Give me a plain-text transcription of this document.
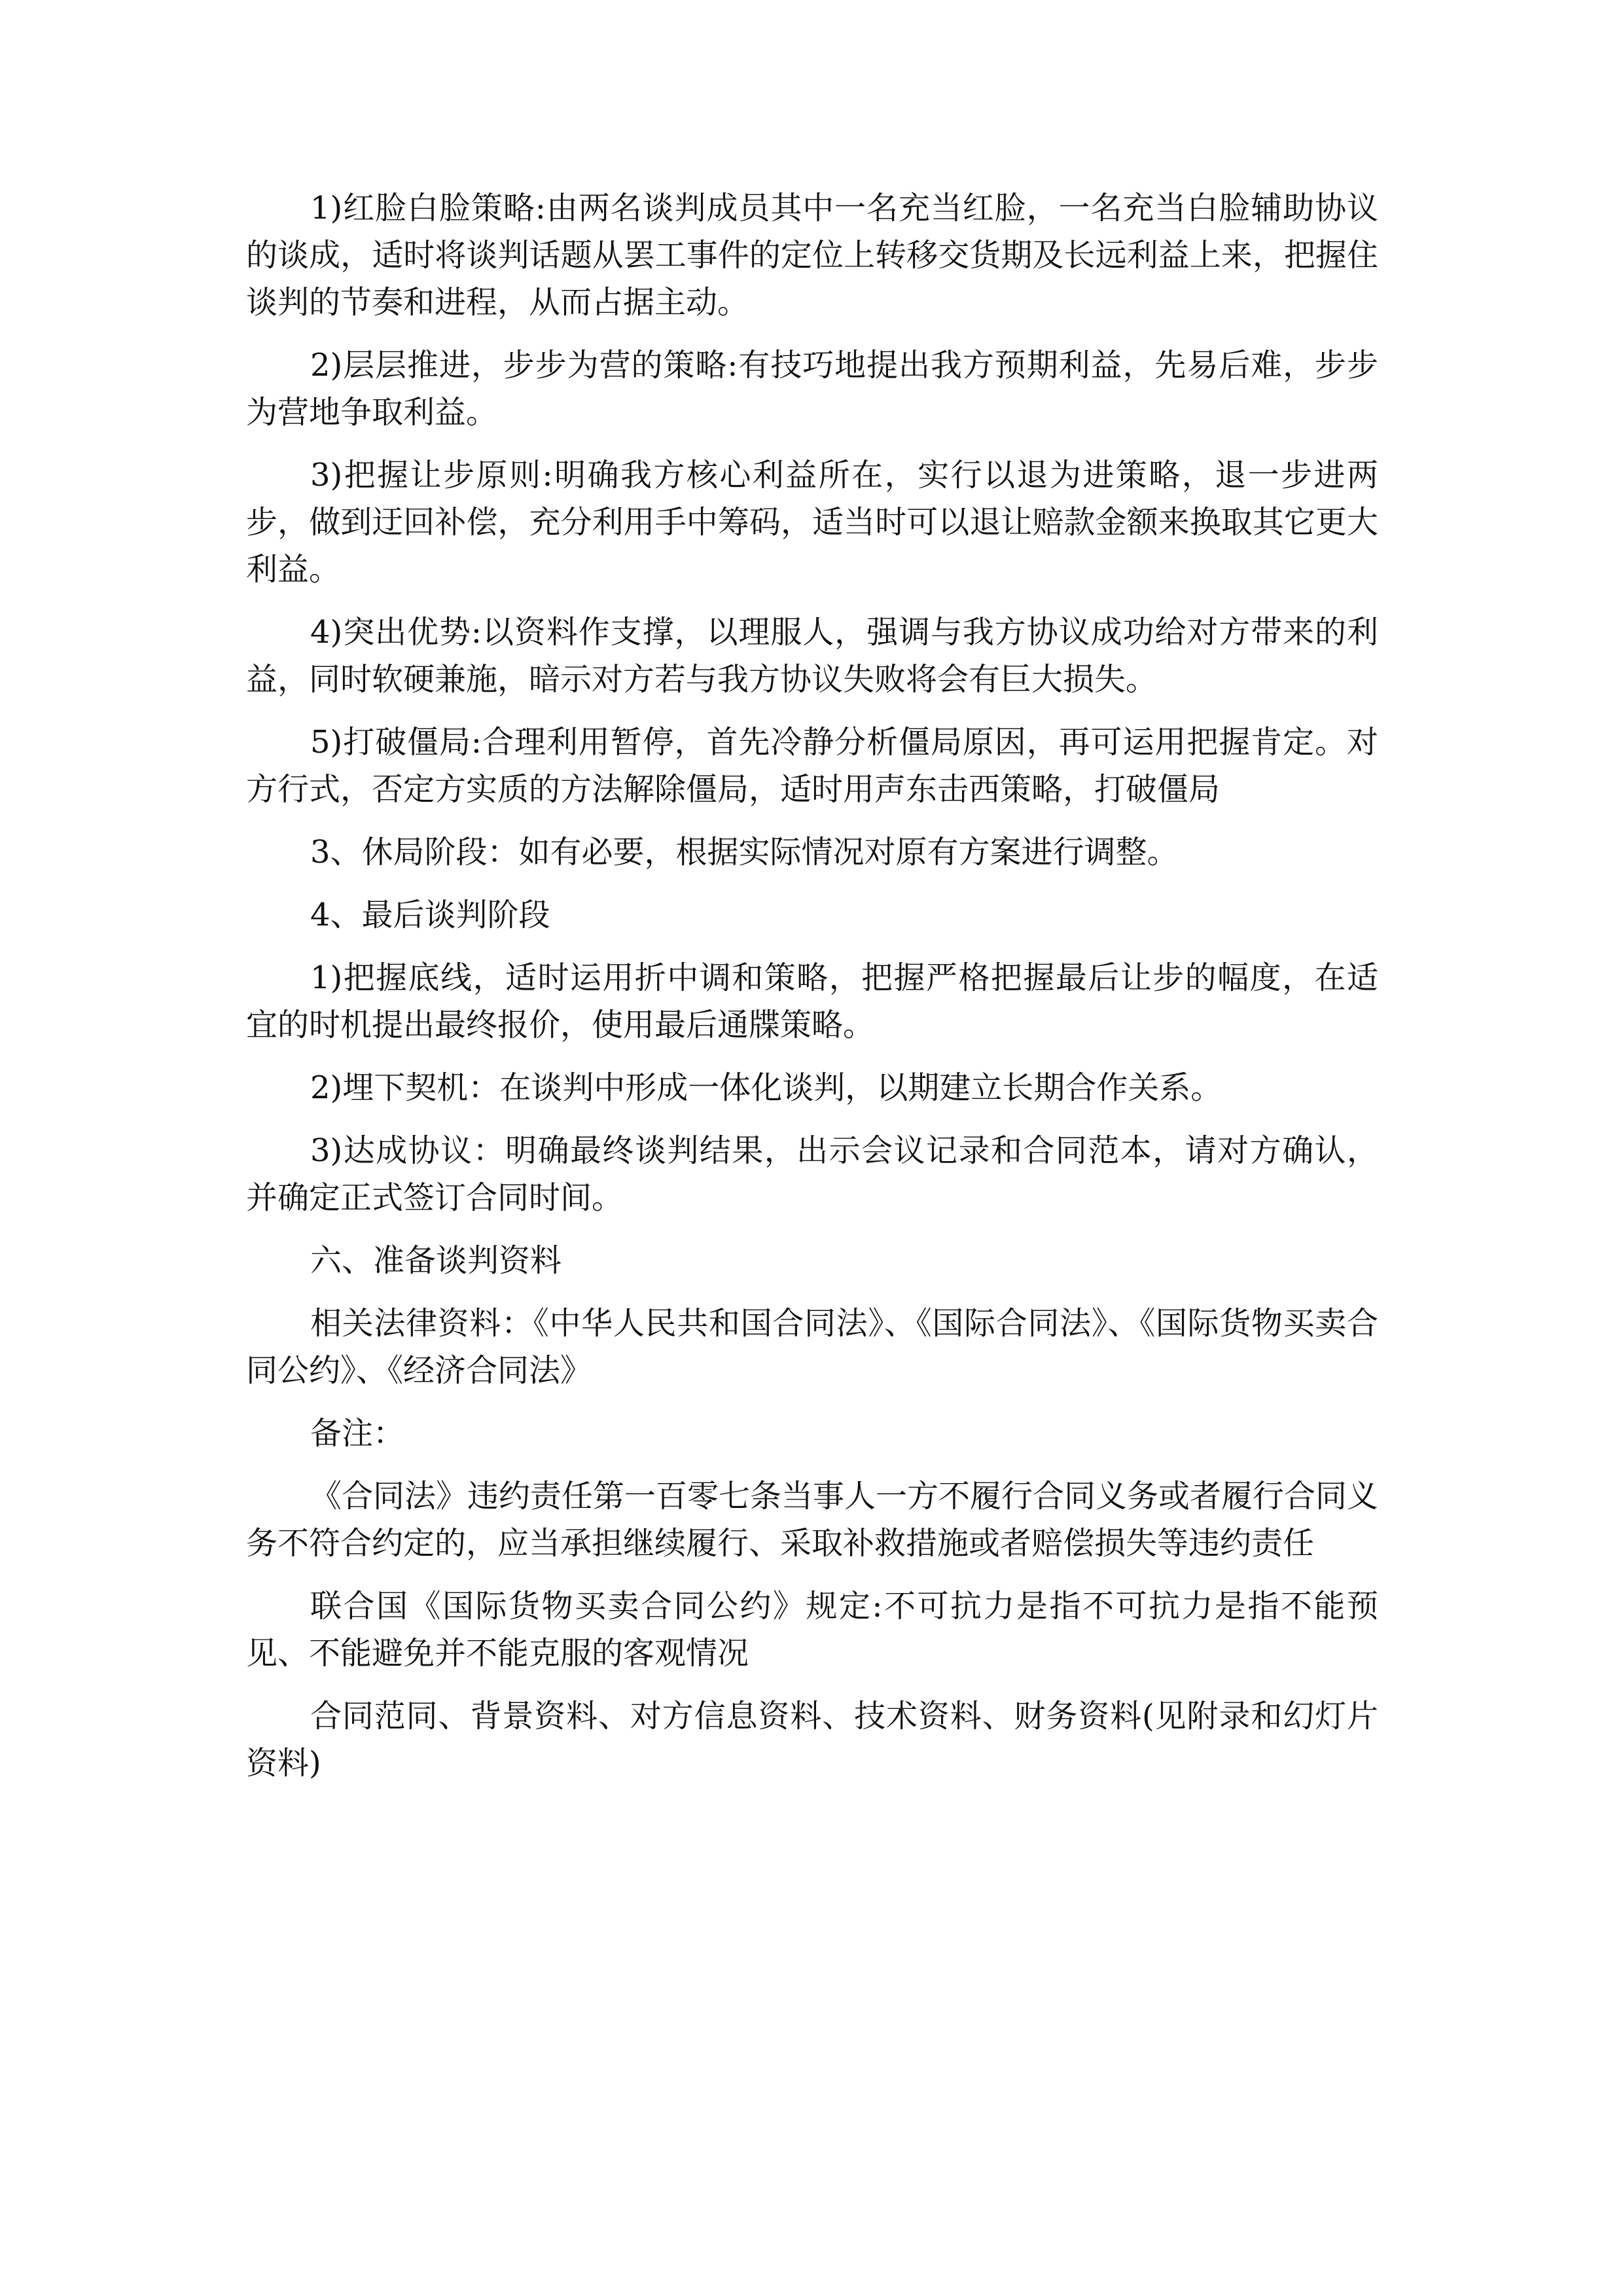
1)红脸白脸策略:由两名谈判成员其中一名充当红脸，一名充当白脸辅助协议的谈成，适时将谈判话题从罢工事件的定位上转移交货期及长远利益上来，把握住谈判的节奏和进程，从而占据主动。

2)层层推进，步步为营的策略:有技巧地提出我方预期利益，先易后难，步步为营地争取利益。

3)把握让步原则:明确我方核心利益所在，实行以退为进策略，退一步进两步，做到迂回补偿，充分利用手中筹码，适当时可以退让赔款金额来换取其它更大利益。

4)突出优势:以资料作支撑，以理服人，强调与我方协议成功给对方带来的利益，同时软硬兼施，暗示对方若与我方协议失败将会有巨大损失。

5)打破僵局:合理利用暂停，首先冷静分析僵局原因，再可运用把握肯定。对方行式，否定方实质的方法解除僵局，适时用声东击西策略，打破僵局

3、休局阶段：如有必要，根据实际情况对原有方案进行调整。

4、最后谈判阶段

1)把握底线，适时运用折中调和策略，把握严格把握最后让步的幅度，在适宜的时机提出最终报价，使用最后通牒策略。

2)埋下契机：在谈判中形成一体化谈判，以期建立长期合作关系。

3)达成协议：明确最终谈判结果，出示会议记录和合同范本，请对方确认，并确定正式签订合同时间。

六、准备谈判资料

相关法律资料：《中华人民共和国合同法》、《国际合同法》、《国际货物买卖合同公约》、《经济合同法》

备注：

《合同法》违约责任第一百零七条当事人一方不履行合同义务或者履行合同义务不符合约定的，应当承担继续履行、采取补救措施或者赔偿损失等违约责任

联合国《国际货物买卖合同公约》规定:不可抗力是指不可抗力是指不能预见、不能避免并不能克服的客观情况

合同范同、背景资料、对方信息资料、技术资料、财务资料(见附录和幻灯片资料)
